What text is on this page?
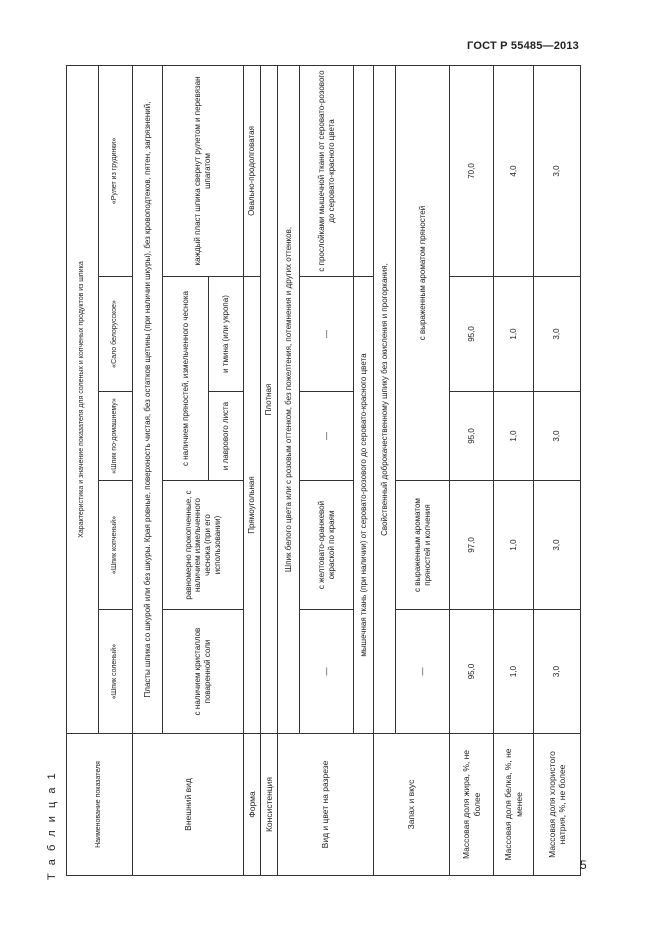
ГОСТ Р 55485—2013
Т а б л и ц а 1	5
Наименование показателя	Характеристика и значение показателя для соленых и копченых продуктов из шпика				
	«Шпик соленый»	«Шпик копченый»	«Шпик по-домашнему»	«Сало белорусское»	«Рулет из грудинки»
Внешний вид	Пласты шпика со шкурой или без шкуры. Края ровные, поверхность чистая, без остатков щетины (при наличии шкуры), без кровоподтеков, пятен, загрязнений,				
	с наличием кристаллов поваренной соли	равномерно прокопченные, с наличием измельченного чеснока (при его использовании)	с наличием пряностей, измельченного чеснока		каждый пласт шпика свернут рулетом и перевязан шпагатом
			и лаврового листа	и тмина (или укропа)	
Форма	Прямоугольная				Овально-продолговатая
Консистенция	Плотная				
Вид и цвет на разрезе	Шпик белого цвета или с розовым оттенком, без пожелтения, потемнения и других оттенков,				
	—	с желтовато-оранжевой окраской по краям	—	—	с прослойками мышечной ткани от серовато-розового до серовато-красного цвета
	мышечная ткань (при наличии) от серовато-розового до серовато-красного цвета				
Запах и вкус	Свойственный доброкачественному шпику без окисления и прогоркания,				
	—	с выраженным ароматом пряностей и копчения	с выраженным ароматом пряностей		
Массовая доля жира, %, не более	95,0	97,0	95,0	95,0	70,0
Массовая доля белка, %, не менее	1,0	1,0	1,0	1,0	4,0
Массовая доля хлористого натрия, %, не более	3,0	3,0	3,0	3,0	3,0
